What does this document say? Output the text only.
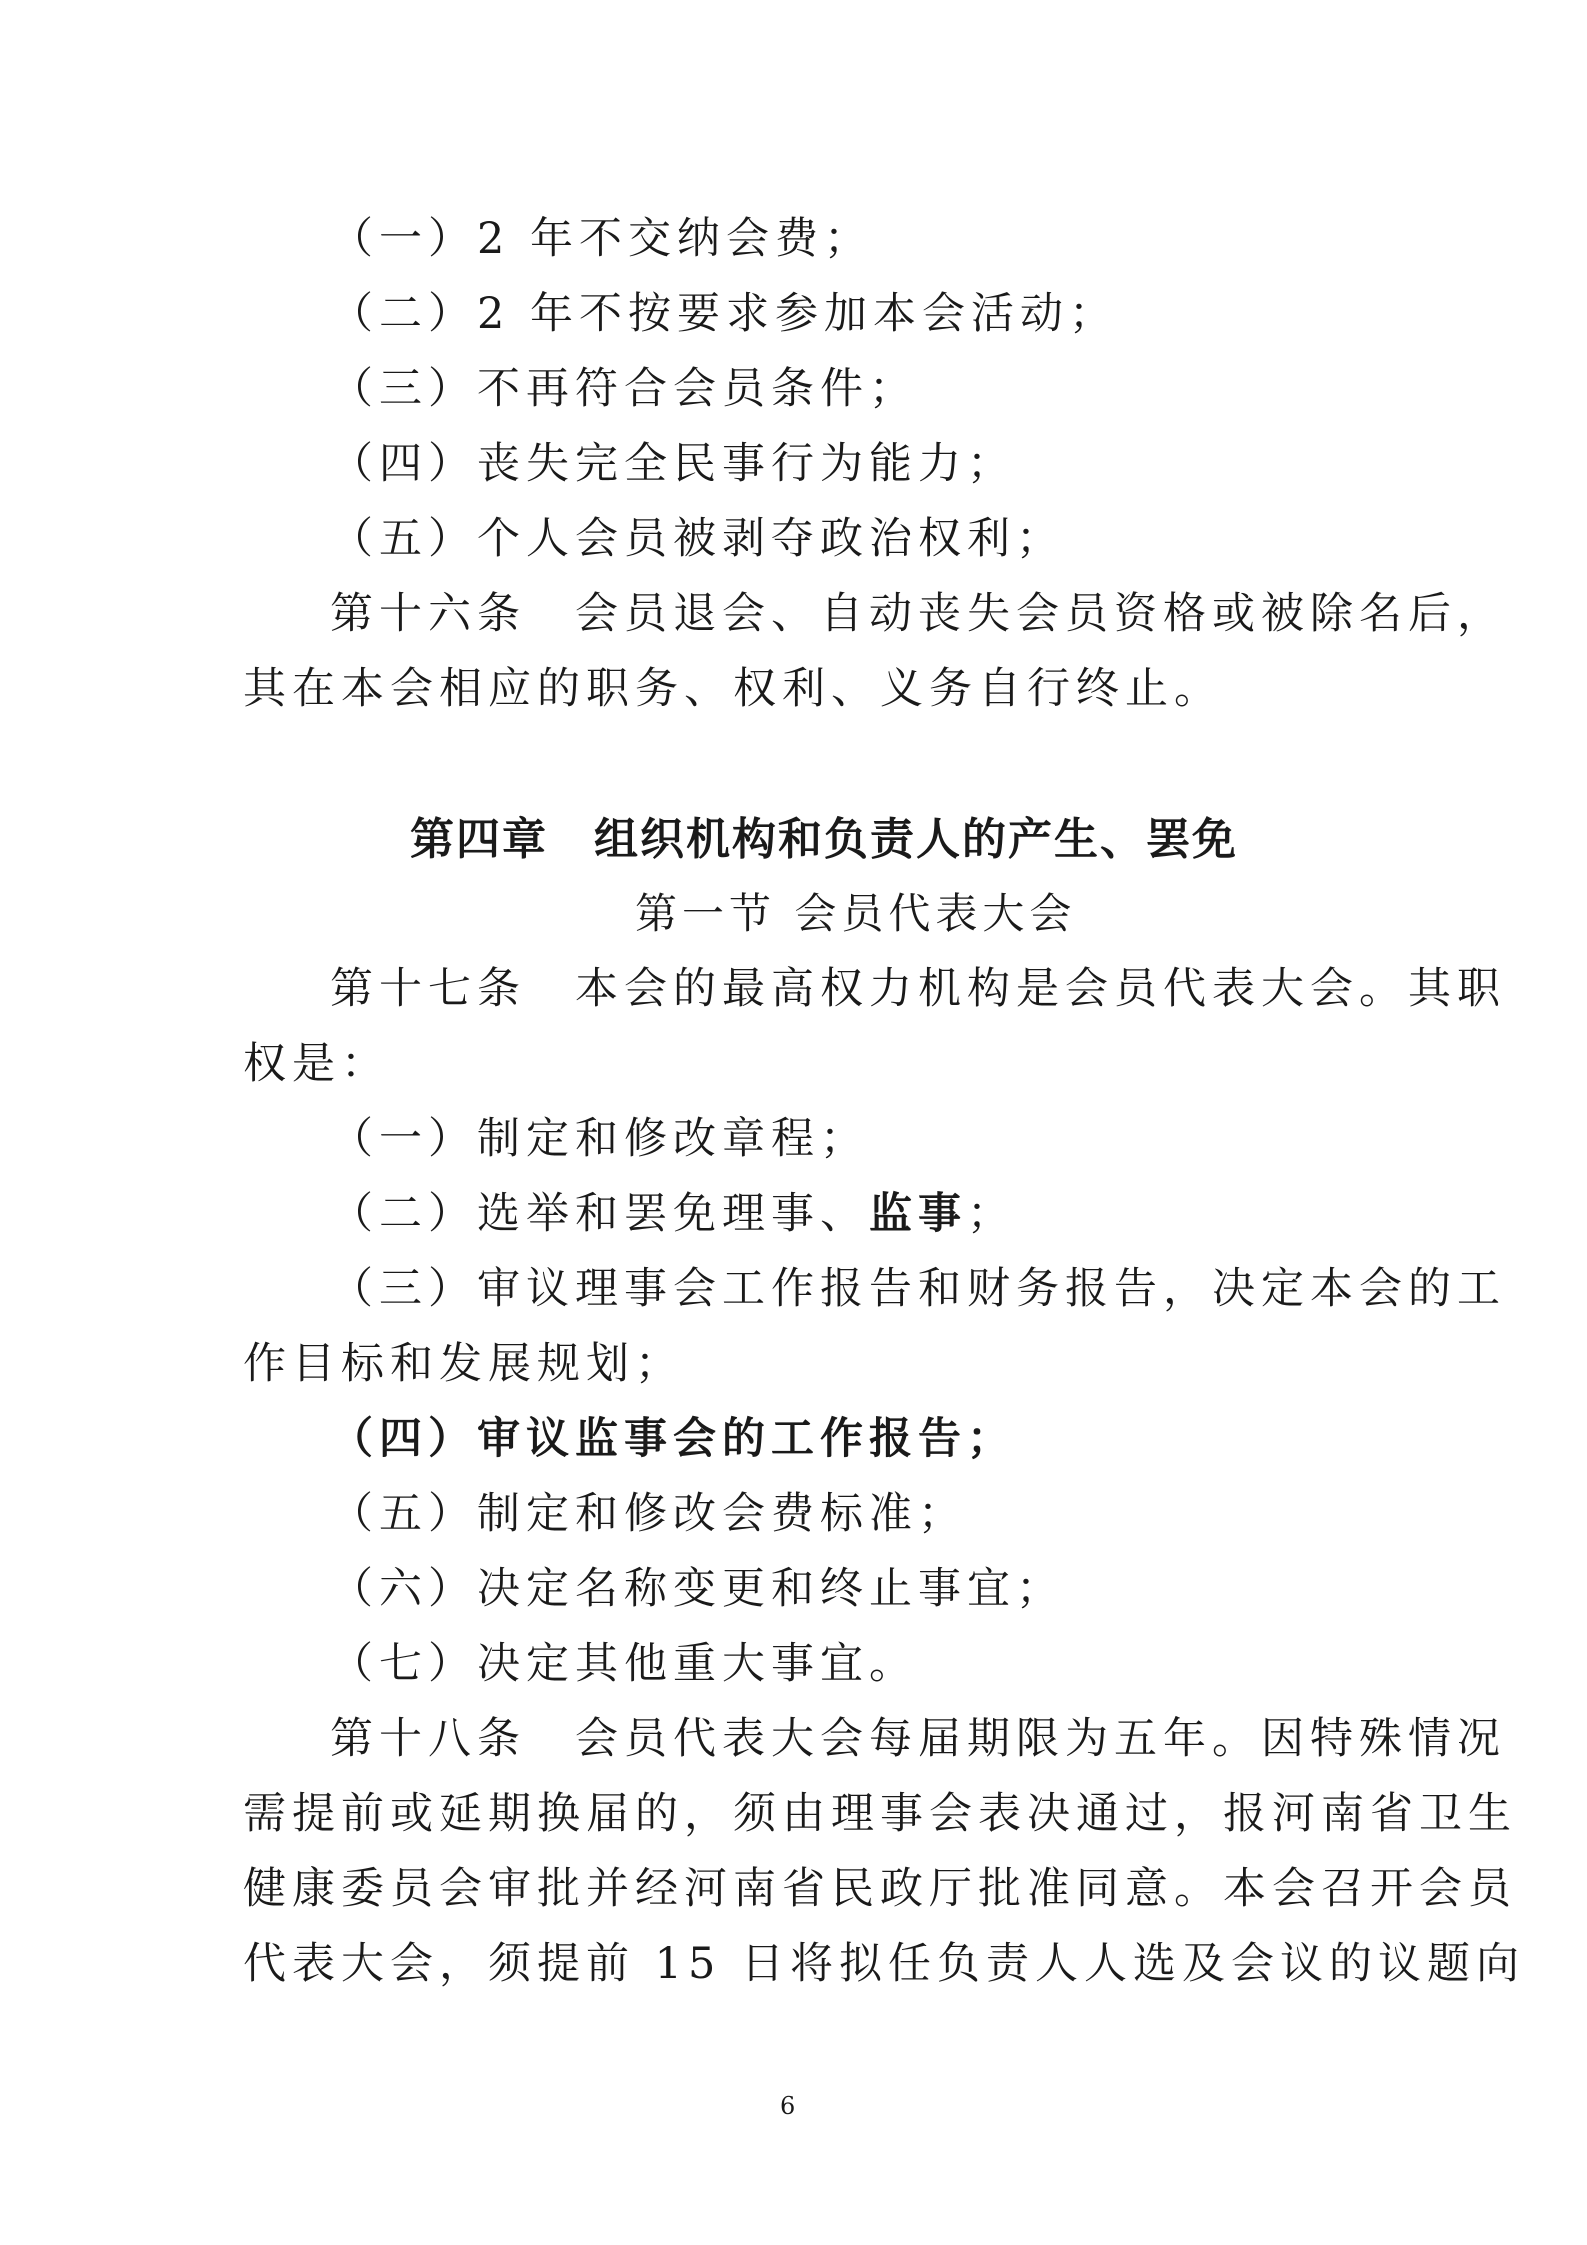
（一）2 年不交纳会费；

（二）2 年不按要求参加本会活动；

（三）不再符合会员条件；

（四）丧失完全民事行为能力；

（五）个人会员被剥夺政治权利；

第十六条　会员退会、自动丧失会员资格或被除名后，

其在本会相应的职务、权利、义务自行终止。

第四章　组织机构和负责人的产生、罢免
第一节 会员代表大会

第十七条　本会的最高权力机构是会员代表大会。其职

权是：

（一）制定和修改章程；

（二）选举和罢免理事、监事；

（三）审议理事会工作报告和财务报告，决定本会的工

作目标和发展规划；

（四）审议监事会的工作报告；

（五）制定和修改会费标准；

（六）决定名称变更和终止事宜；

（七）决定其他重大事宜。

第十八条　会员代表大会每届期限为五年。因特殊情况

需提前或延期换届的，须由理事会表决通过，报河南省卫生

健康委员会审批并经河南省民政厅批准同意。本会召开会员

代表大会，须提前 15 日将拟任负责人人选及会议的议题向

6
